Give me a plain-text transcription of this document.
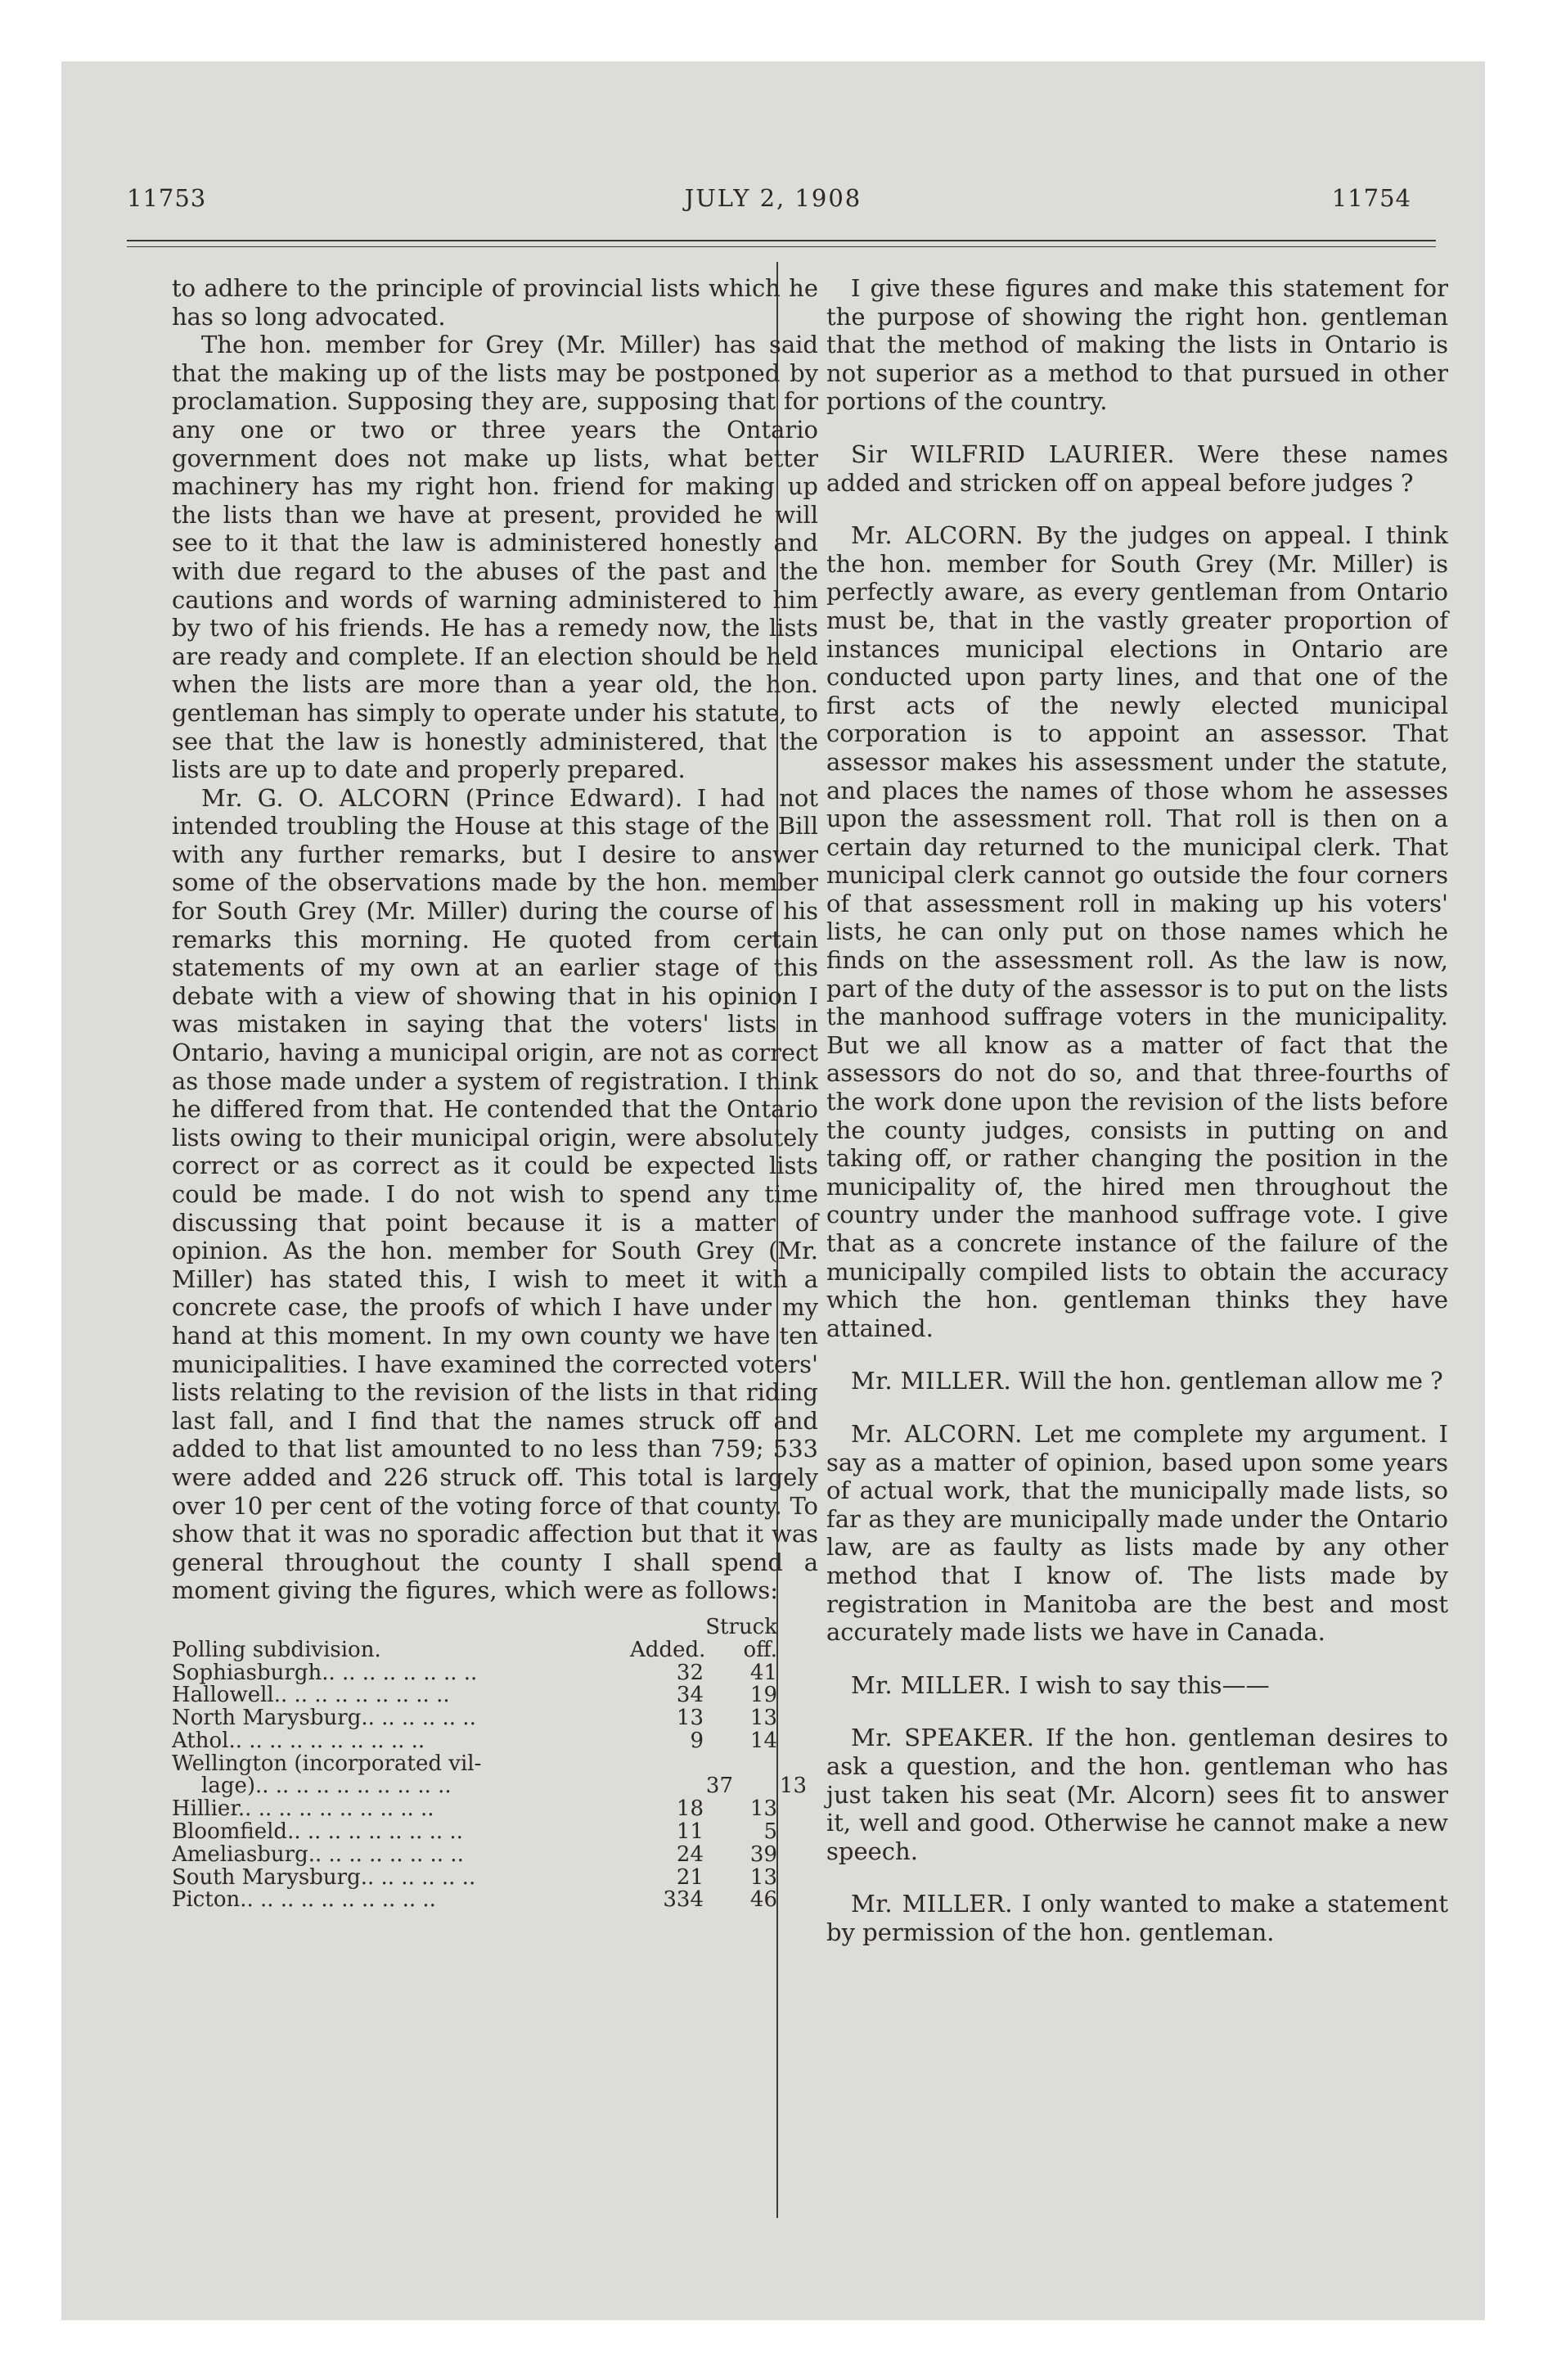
11753	JULY 2, 1908	11754

to adhere to the principle of provincial lists which he has so long advocated.

The hon. member for Grey (Mr. Miller) has said that the making up of the lists may be postponed by proclamation. Supposing they are, supposing that for any one or two or three years the Ontario government does not make up lists, what better machinery has my right hon. friend for making up the lists than we have at present, provided he will see to it that the law is administered honestly and with due regard to the abuses of the past and the cautions and words of warning administered to him by two of his friends. He has a remedy now, the lists are ready and complete. If an election should be held when the lists are more than a year old, the hon. gentleman has simply to operate under his statute, to see that the law is honestly administered, that the lists are up to date and properly prepared.

Mr. G. O. ALCORN (Prince Edward). I had not intended troubling the House at this stage of the Bill with any further remarks, but I desire to answer some of the observations made by the hon. member for South Grey (Mr. Miller) during the course of his remarks this morning. He quoted from certain statements of my own at an earlier stage of this debate with a view of showing that in his opinion I was mistaken in saying that the voters' lists in Ontario, having a municipal origin, are not as correct as those made under a system of registration. I think he differed from that. He contended that the Ontario lists owing to their municipal origin, were absolutely correct or as correct as it could be expected lists could be made. I do not wish to spend any time discussing that point because it is a matter of opinion. As the hon. member for South Grey (Mr. Miller) has stated this, I wish to meet it with a concrete case, the proofs of which I have under my hand at this moment. In my own county we have ten municipalities. I have examined the corrected voters' lists relating to the revision of the lists in that riding last fall, and I find that the names struck off and added to that list amounted to no less than 759; 533 were added and 226 struck off. This total is largely over 10 per cent of the voting force of that county. To show that it was no sporadic affection but that it was general throughout the county I shall spend a moment giving the figures, which were as follows:

Struck
Polling subdivision.	Added.	off.
Sophiasburgh.. .. .. .. .. .. .. ..	32	41
Hallowell.. .. .. .. .. .. .. .. ..	34	19
North Marysburg.. .. .. .. .. ..	13	13
Athol.. .. .. .. .. .. .. .. .. ..	9	14
Wellington (incorporated vil-
lage).. .. .. .. .. .. .. .. .. ..	37	13
Hillier.. .. .. .. .. .. .. .. .. ..	18	13
Bloomfield.. .. .. .. .. .. .. .. ..	11	5
Ameliasburg.. .. .. .. .. .. .. ..	24	39
South Marysburg.. .. .. .. .. ..	21	13
Picton.. .. .. .. .. .. .. .. .. ..	334	46

I give these figures and make this statement for the purpose of showing the right hon. gentleman that the method of making the lists in Ontario is not superior as a method to that pursued in other portions of the country.

Sir WILFRID LAURIER. Were these names added and stricken off on appeal before judges ?

Mr. ALCORN. By the judges on appeal. I think the hon. member for South Grey (Mr. Miller) is perfectly aware, as every gentleman from Ontario must be, that in the vastly greater proportion of instances municipal elections in Ontario are conducted upon party lines, and that one of the first acts of the newly elected municipal corporation is to appoint an assessor. That assessor makes his assessment under the statute, and places the names of those whom he assesses upon the assessment roll. That roll is then on a certain day returned to the municipal clerk. That municipal clerk cannot go outside the four corners of that assessment roll in making up his voters' lists, he can only put on those names which he finds on the assessment roll. As the law is now, part of the duty of the assessor is to put on the lists the manhood suffrage voters in the municipality. But we all know as a matter of fact that the assessors do not do so, and that three-fourths of the work done upon the revision of the lists before the county judges, consists in putting on and taking off, or rather changing the position in the municipality of, the hired men throughout the country under the manhood suffrage vote. I give that as a concrete instance of the failure of the municipally compiled lists to obtain the accuracy which the hon. gentleman thinks they have attained.

Mr. MILLER. Will the hon. gentleman allow me ?

Mr. ALCORN. Let me complete my argument. I say as a matter of opinion, based upon some years of actual work, that the municipally made lists, so far as they are municipally made under the Ontario law, are as faulty as lists made by any other method that I know of. The lists made by registration in Manitoba are the best and most accurately made lists we have in Canada.

Mr. MILLER. I wish to say this——

Mr. SPEAKER. If the hon. gentleman desires to ask a question, and the hon. gentleman who has just taken his seat (Mr. Alcorn) sees fit to answer it, well and good. Otherwise he cannot make a new speech.

Mr. MILLER. I only wanted to make a statement by permission of the hon. gentleman.
